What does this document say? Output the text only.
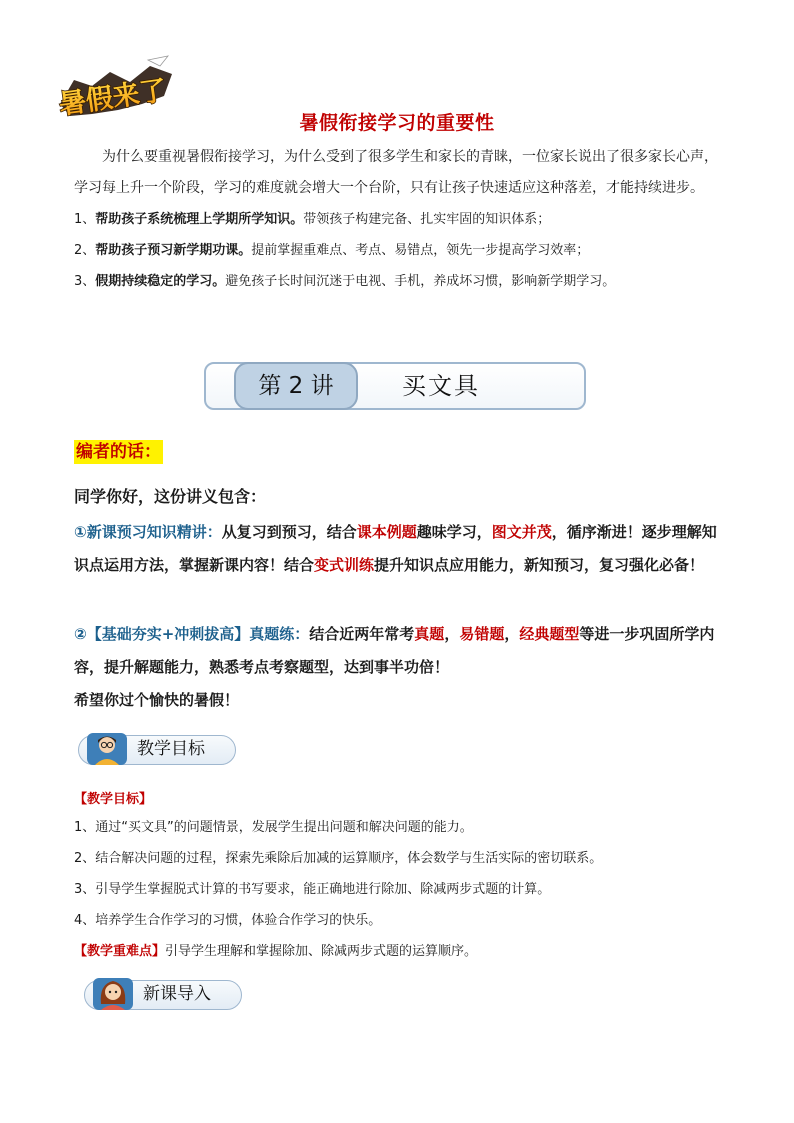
暑假来了
暑假衔接学习的重要性

为什么要重视暑假衔接学习，为什么受到了很多学生和家长的青睐，一位家长说出了很多家长心声，学习每上升一个阶段，学习的难度就会增大一个台阶，只有让孩子快速适应这种落差，才能持续进步。

1、帮助孩子系统梳理上学期所学知识。带领孩子构建完备、扎实牢固的知识体系；

2、帮助孩子预习新学期功课。提前掌握重难点、考点、易错点，领先一步提高学习效率；

3、假期持续稳定的学习。避免孩子长时间沉迷于电视、手机，养成坏习惯，影响新学期学习。

第 2 讲	买文具
编者的话：
同学你好，这份讲义包含：

①新课预习知识精讲：从复习到预习，结合课本例题趣味学习，图文并茂，循序渐进！逐步理解知识点运用方法，掌握新课内容！结合变式训练提升知识点应用能力，新知预习，复习强化必备！

②【基础夯实+冲刺拔高】真题练：结合近两年常考真题，易错题，经典题型等进一步巩固所学内容，提升解题能力，熟悉考点考察题型，达到事半功倍！

希望你过个愉快的暑假！

教学目标
【教学目标】

1、通过“买文具”的问题情景，发展学生提出问题和解决问题的能力。

2、结合解决问题的过程，探索先乘除后加减的运算顺序，体会数学与生活实际的密切联系。

3、引导学生掌握脱式计算的书写要求，能正确地进行除加、除减两步式题的计算。

4、培养学生合作学习的习惯，体验合作学习的快乐。

【教学重难点】引导学生理解和掌握除加、除减两步式题的运算顺序。

新课导入
